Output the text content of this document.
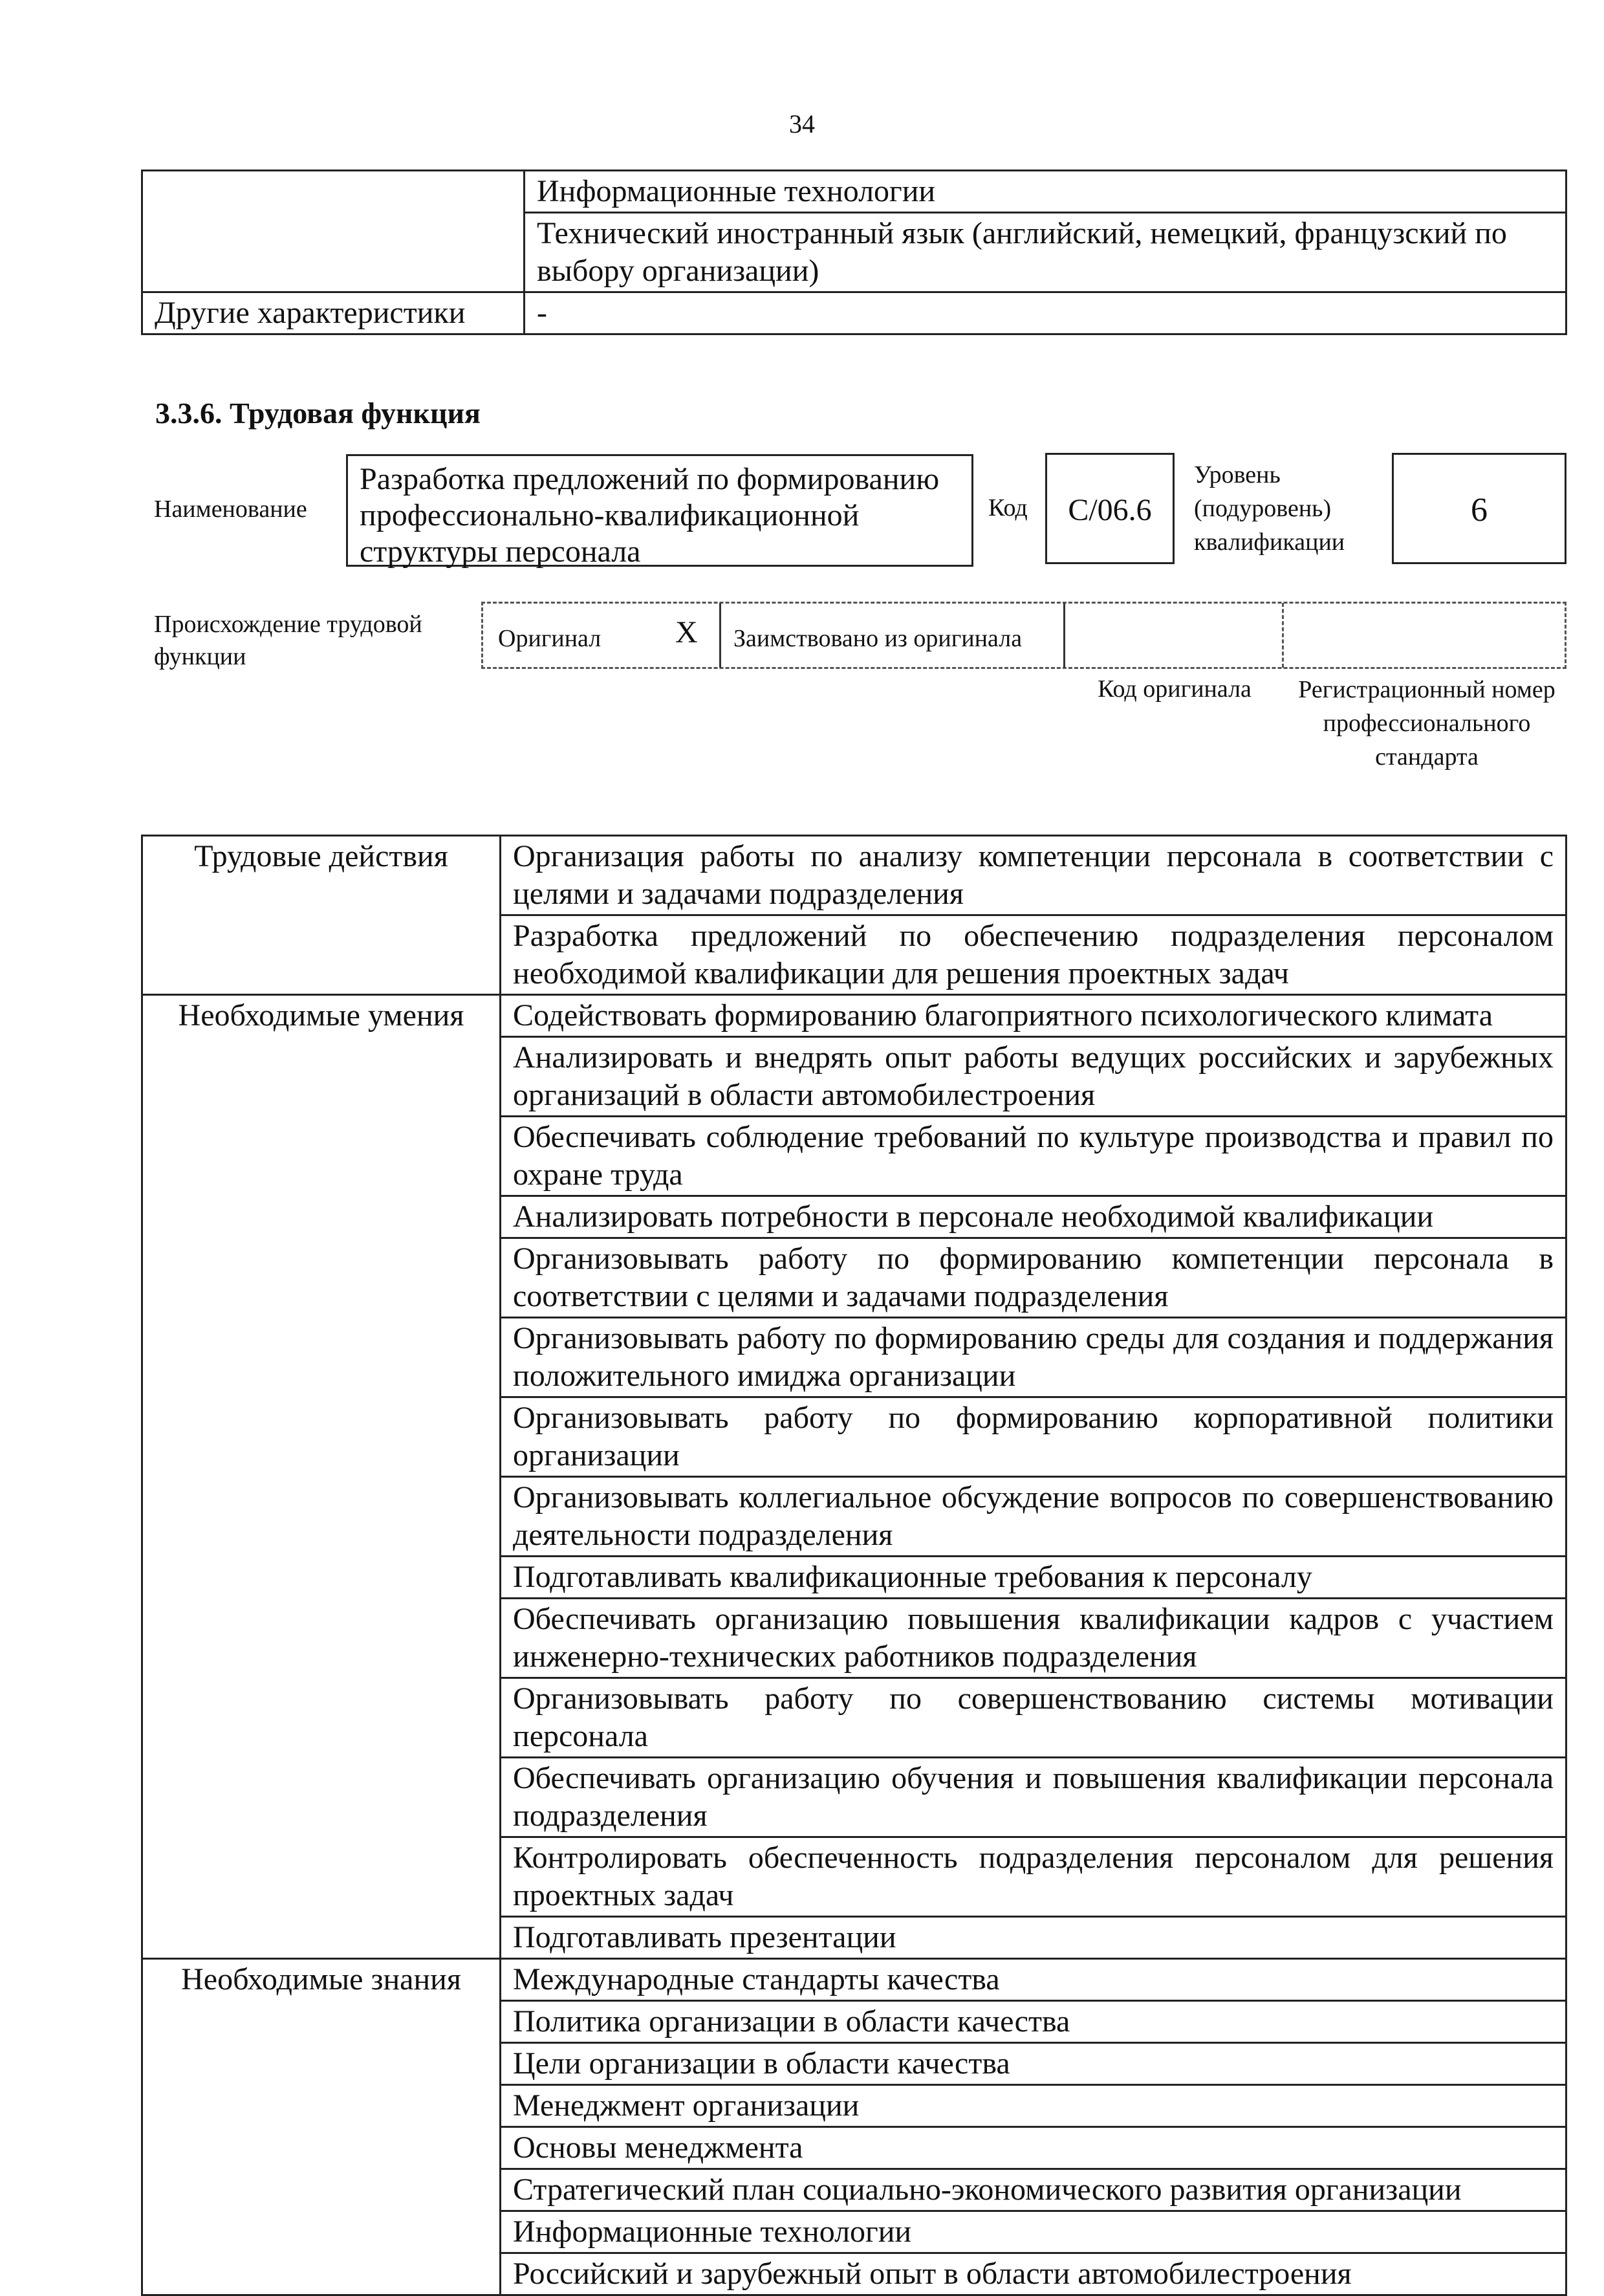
34
	Информационные технологии
	Технический иностранный язык (английский, немецкий, французский по выбору организации)
Другие характеристики	-
3.3.6. Трудовая функция
Наименование
Разработка предложений по формированию профессионально-квалификационной структуры персонала
Код	С/06.6
Уровень (подуровень) квалификации
6
Происхождение трудовой функции
Оригинал X Заимствовано из оригинала
Код оригинала	Регистрационный номер профессионального стандарта
Трудовые действия	Организация работы по анализу компетенции персонала в соответствии с целями и задачами подразделения
	Разработка предложений по обеспечению подразделения персоналом необходимой квалификации для решения проектных задач
Необходимые умения	Содействовать формированию благоприятного психологического климата
	Анализировать и внедрять опыт работы ведущих российских и зарубежных организаций в области автомобилестроения
	Обеспечивать соблюдение требований по культуре производства и правил по охране труда
	Анализировать потребности в персонале необходимой квалификации
	Организовывать работу по формированию компетенции персонала в соответствии с целями и задачами подразделения
	Организовывать работу по формированию среды для создания и поддержания положительного имиджа организации
	Организовывать работу по формированию корпоративной политики организации
	Организовывать коллегиальное обсуждение вопросов по совершенствованию деятельности подразделения
	Подготавливать квалификационные требования к персоналу
	Обеспечивать организацию повышения квалификации кадров с участием инженерно-технических работников подразделения
	Организовывать работу по совершенствованию системы мотивации персонала
	Обеспечивать организацию обучения и повышения квалификации персонала подразделения
	Контролировать обеспеченность подразделения персоналом для решения проектных задач
	Подготавливать презентации
Необходимые знания	Международные стандарты качества
	Политика организации в области качества
	Цели организации в области качества
	Менеджмент организации
	Основы менеджмента
	Стратегический план социально-экономического развития организации
	Информационные технологии
	Российский и зарубежный опыт в области автомобилестроения
